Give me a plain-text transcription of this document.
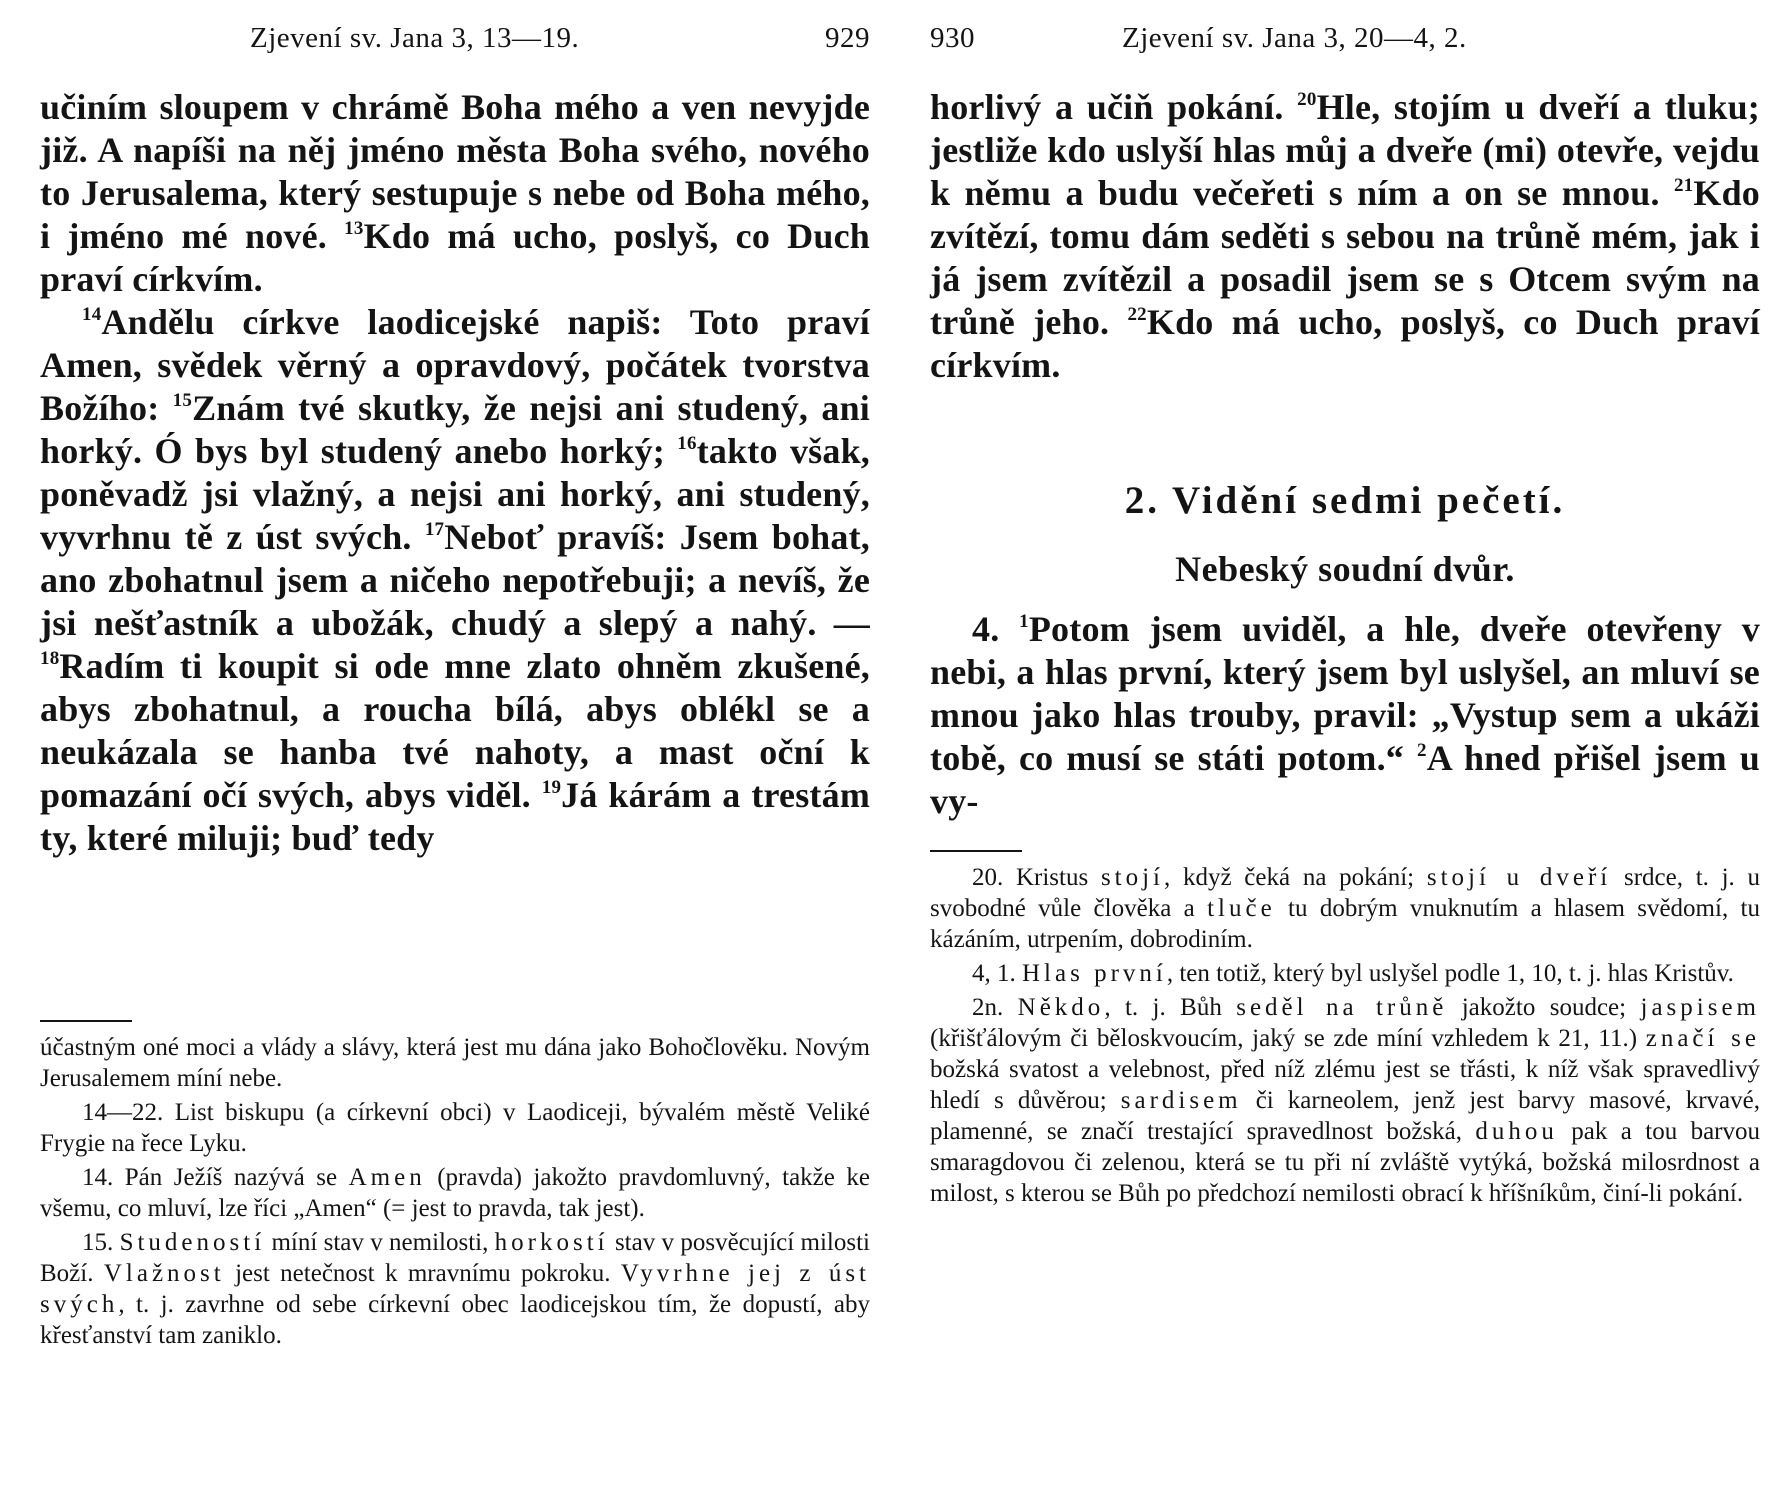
Zjevení sv. Jana 3, 13—19.	929

učiním sloupem v chrámě Boha mého a ven nevyjde již. A napíši na něj jméno města Boha svého, nového to Jerusalema, který sestupuje s nebe od Boha mého, i jméno mé nové. $^{13}$Kdo má ucho, poslyš, co Duch praví církvím.

$^{14}$Andělu církve laodicejské napiš: Toto praví Amen, svědek věrný a opravdový, počátek tvorstva Božího: $^{15}$Znám tvé skutky, že nejsi ani studený, ani horký. Ó bys byl studený anebo horký; $^{16}$takto však, poněvadž jsi vlažný, a nejsi ani horký, ani studený, vyvrhnu tě z úst svých. $^{17}$Neboť pravíš: Jsem bohat, ano zbohatnul jsem a ničeho nepotřebuji; a nevíš, že jsi nešťastník a ubožák, chudý a slepý a nahý. — $^{18}$Radím ti koupit si ode mne zlato ohněm zkušené, abys zbohatnul, a roucha bílá, abys oblékl se a neukázala se hanba tvé nahoty, a mast oční k pomazání očí svých, abys viděl. $^{19}$Já kárám a trestám ty, které miluji; buď tedy

účastným oné moci a vlády a slávy, která jest mu dána jako Bohočlověku. Novým Jerusalemem míní nebe.

14—22. List biskupu (a církevní obci) v Laodiceji, bývalém městě Veliké Frygie na řece Lyku.

14. Pán Ježíš nazývá se Amen (pravda) jakožto pravdomluvný, takže ke všemu, co mluví, lze říci „Amen“ (= jest to pravda, tak jest).

15. Studeností míní stav v nemilosti, horkostí stav v posvěcující milosti Boží. Vlažnost jest netečnost k mravnímu pokroku. Vyvrhne jej z úst svých, t. j. zavrhne od sebe církevní obec laodicejskou tím, že dopustí, aby křesťanství tam zaniklo.

930	Zjevení sv. Jana 3, 20—4, 2.

horlivý a učiň pokání. $^{20}$Hle, stojím u dveří a tluku; jestliže kdo uslyší hlas můj a dveře (mi) otevře, vejdu k němu a budu večeřeti s ním a on se mnou. $^{21}$Kdo zvítězí, tomu dám seděti s sebou na trůně mém, jak i já jsem zvítězil a posadil jsem se s Otcem svým na trůně jeho. $^{22}$Kdo má ucho, poslyš, co Duch praví církvím.

2. Vidění sedmi pečetí.
Nebeský soudní dvůr.

4. $^1$Potom jsem uviděl, a hle, dveře otevřeny v nebi, a hlas první, který jsem byl uslyšel, an mluví se mnou jako hlas trouby, pravil: „Vystup sem a ukáži tobě, co musí se státi potom.“ $^2$A hned přišel jsem u vy-

20. Kristus stojí, když čeká na pokání; stojí u dveří srdce, t. j. u svobodné vůle člověka a tluče tu dobrým vnuknutím a hlasem svědomí, tu kázáním, utrpením, dobrodiním.

4, 1. Hlas první, ten totiž, který byl uslyšel podle 1, 10, t. j. hlas Kristův.

2n. Někdo, t. j. Bůh seděl na trůně jakožto soudce; jaspisem (křišťálovým či běloskvoucím, jaký se zde míní vzhledem k 21, 11.) značí se božská svatost a velebnost, před níž zlému jest se třásti, k níž však spravedlivý hledí s důvěrou; sardisem či karneolem, jenž jest barvy masové, krvavé, plamenné, se značí trestající spravedlnost božská, duhou pak a tou barvou smaragdovou či zelenou, která se tu při ní zvláště vytýká, božská milosrdnost a milost, s kterou se Bůh po předchozí nemilosti obrací k hříšníkům, činí-li pokání.
